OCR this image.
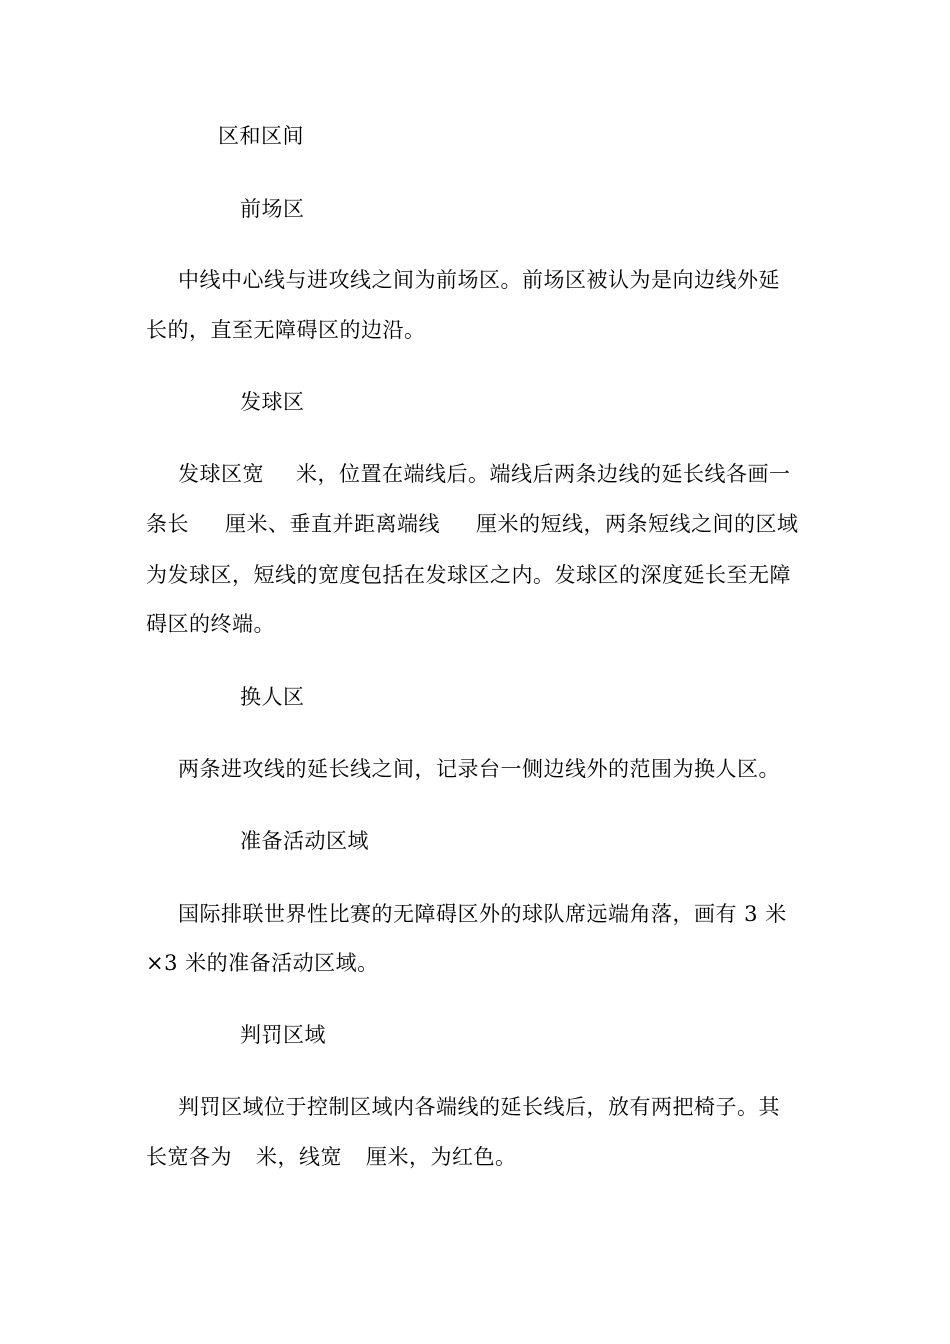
区和区间
前场区
中线中心线与进攻线之间为前场区。前场区被认为是向边线外延
长的，直至无障碍区的边沿。
发球区
发球区宽 米，位置在端线后。端线后两条边线的延长线各画一
条长 厘米、垂直并距离端线 厘米的短线，两条短线之间的区域
为发球区，短线的宽度包括在发球区之内。发球区的深度延长至无障
碍区的终端。
换人区
两条进攻线的延长线之间，记录台一侧边线外的范围为换人区。
准备活动区域
国际排联世界性比赛的无障碍区外的球队席远端角落，画有 3 米
×3 米的准备活动区域。
判罚区域
判罚区域位于控制区域内各端线的延长线后，放有两把椅子。其
长宽各为 米，线宽 厘米，为红色。
